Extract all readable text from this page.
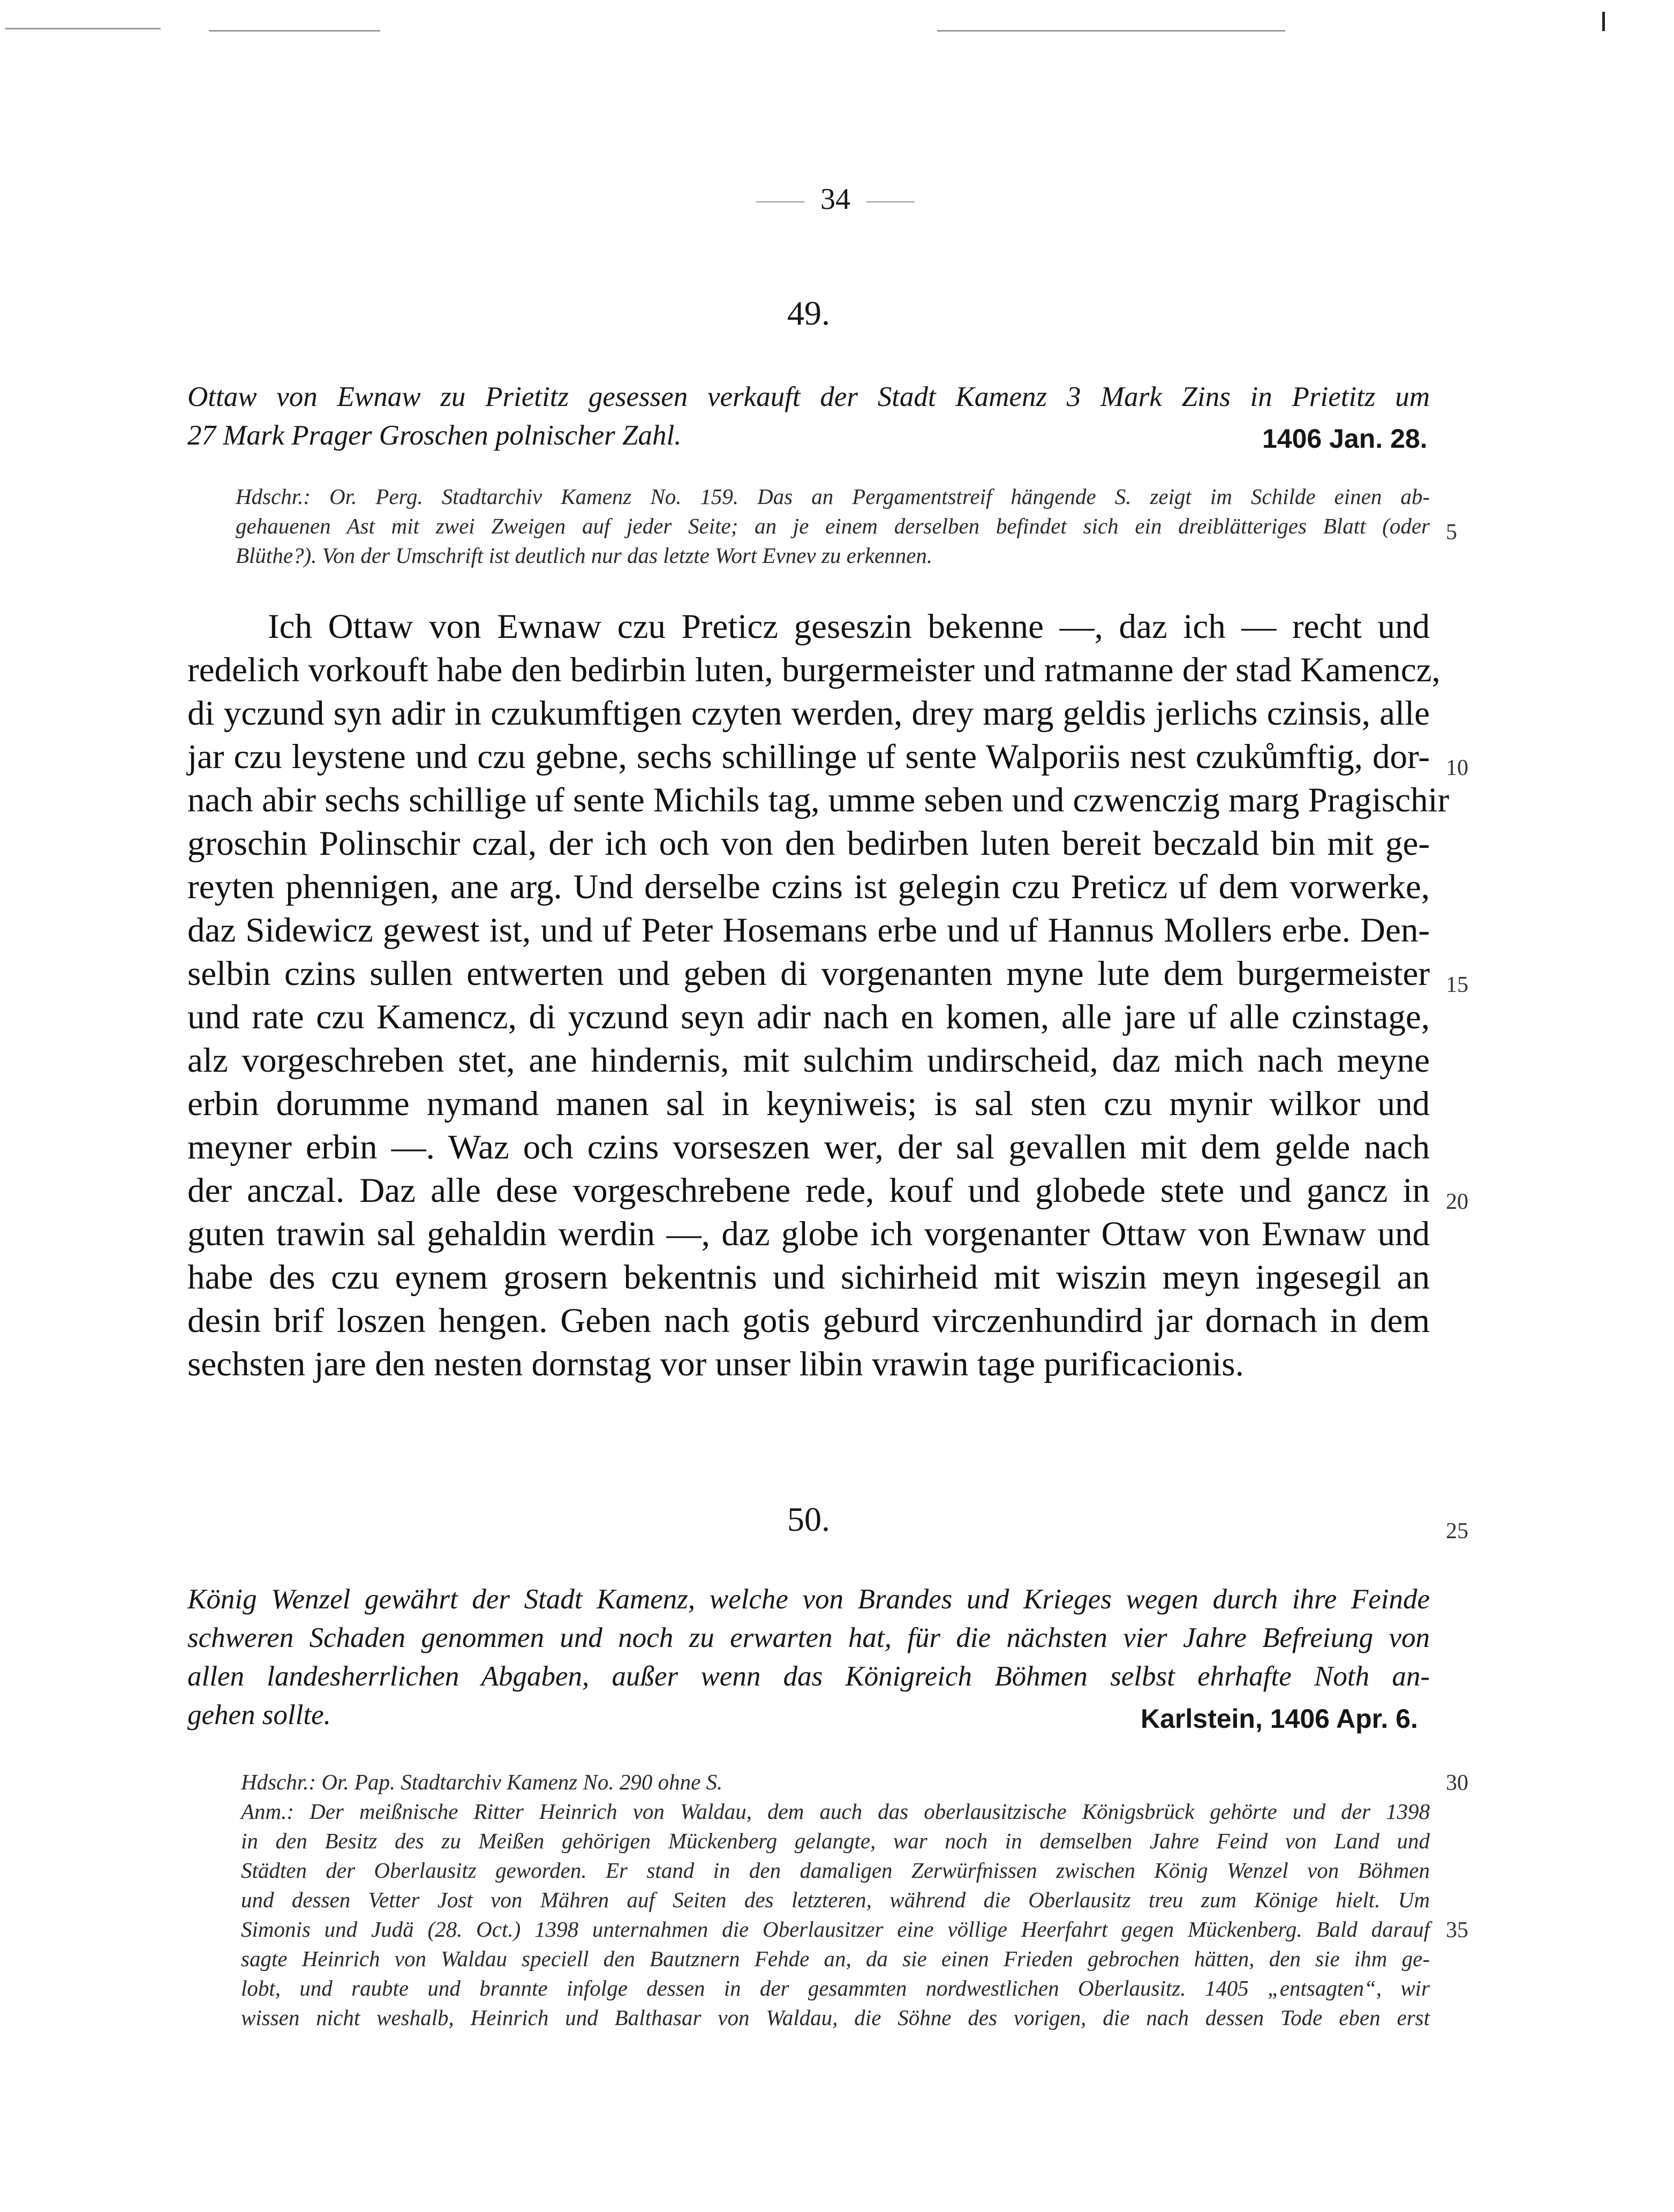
34
49.
Ottaw von Ewnaw zu Prietitz gesessen verkauft der Stadt Kamenz 3 Mark Zins in Prietitz um
27 Mark Prager Groschen polnischer Zahl.	1406 Jan. 28.
Hdschr.: Or. Perg. Stadtarchiv Kamenz No. 159. Das an Pergamentstreif hängende S. zeigt im Schilde einen ab-
gehauenen Ast mit zwei Zweigen auf jeder Seite; an je einem derselben befindet sich ein dreiblätteriges Blatt (oder
Blüthe?). Von der Umschrift ist deutlich nur das letzte Wort Evnev zu erkennen.
Ich Ottaw von Ewnaw czu Preticz geseszin bekenne —, daz ich — recht und
redelich vorkouft habe den bedirbin luten, burgermeister und ratmanne der stad Kamencz,
di yczund syn adir in czukumftigen czyten werden, drey marg geldis jerlichs czinsis, alle
jar czu leystene und czu gebne, sechs schillinge uf sente Walporiis nest czukůmftig, dor-
nach abir sechs schillige uf sente Michils tag, umme seben und czwenczig marg Pragischir
groschin Polinschir czal, der ich och von den bedirben luten bereit beczald bin mit ge-
reyten phennigen, ane arg. Und derselbe czins ist gelegin czu Preticz uf dem vorwerke,
daz Sidewicz gewest ist, und uf Peter Hosemans erbe und uf Hannus Mollers erbe. Den-
selbin czins sullen entwerten und geben di vorgenanten myne lute dem burgermeister
und rate czu Kamencz, di yczund seyn adir nach en komen, alle jare uf alle czinstage,
alz vorgeschreben stet, ane hindernis, mit sulchim undirscheid, daz mich nach meyne
erbin dorumme nymand manen sal in keyniweis; is sal sten czu mynir wilkor und
meyner erbin —. Waz och czins vorseszen wer, der sal gevallen mit dem gelde nach
der anczal. Daz alle dese vorgeschrebene rede, kouf und globede stete und gancz in
guten trawin sal gehaldin werdin —, daz globe ich vorgenanter Ottaw von Ewnaw und
habe des czu eynem grosern bekentnis und sichirheid mit wiszin meyn ingesegil an
desin brif loszen hengen. Geben nach gotis geburd virczenhundird jar dornach in dem
sechsten jare den nesten dornstag vor unser libin vrawin tage purificacionis.
50.
König Wenzel gewährt der Stadt Kamenz, welche von Brandes und Krieges wegen durch ihre Feinde
schweren Schaden genommen und noch zu erwarten hat, für die nächsten vier Jahre Befreiung von
allen landesherrlichen Abgaben, außer wenn das Königreich Böhmen selbst ehrhafte Noth an-
gehen sollte.	Karlstein, 1406 Apr. 6.
Hdschr.: Or. Pap. Stadtarchiv Kamenz No. 290 ohne S.
Anm.: Der meißnische Ritter Heinrich von Waldau, dem auch das oberlausitzische Königsbrück gehörte und der 1398
in den Besitz des zu Meißen gehörigen Mückenberg gelangte, war noch in demselben Jahre Feind von Land und
Städten der Oberlausitz geworden. Er stand in den damaligen Zerwürfnissen zwischen König Wenzel von Böhmen
und dessen Vetter Jost von Mähren auf Seiten des letzteren, während die Oberlausitz treu zum Könige hielt. Um
Simonis und Judä (28. Oct.) 1398 unternahmen die Oberlausitzer eine völlige Heerfahrt gegen Mückenberg. Bald darauf
sagte Heinrich von Waldau speciell den Bautznern Fehde an, da sie einen Frieden gebrochen hätten, den sie ihm ge-
lobt, und raubte und brannte infolge dessen in der gesammten nordwestlichen Oberlausitz. 1405 „entsagten“, wir
wissen nicht weshalb, Heinrich und Balthasar von Waldau, die Söhne des vorigen, die nach dessen Tode eben erst
5
10
15
20
25
30
35
